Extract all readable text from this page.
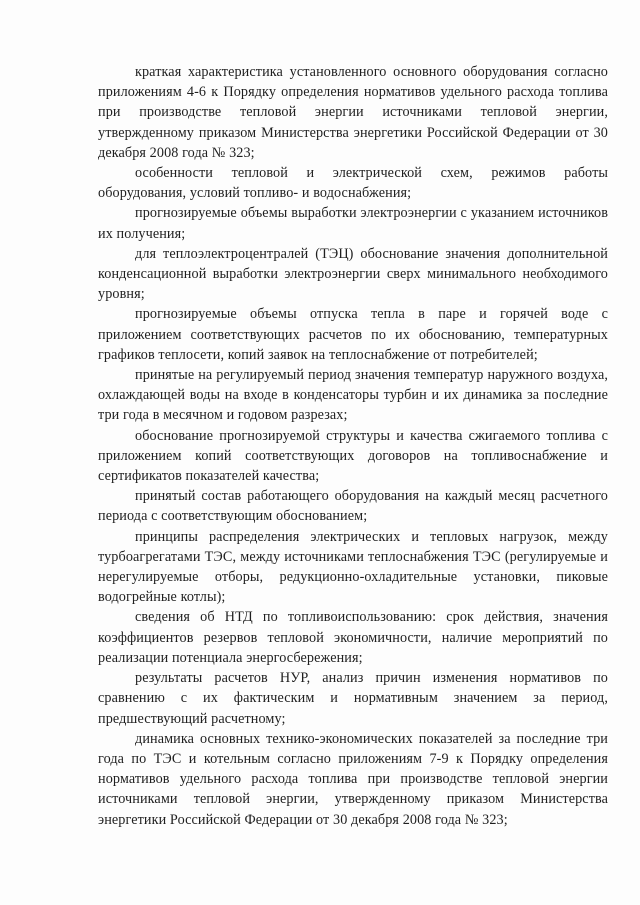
краткая характеристика установленного основного оборудования согласно приложениям 4-6 к Порядку определения нормативов удельного расхода топлива при производстве тепловой энергии источниками тепловой энергии, утвержденному приказом Министерства энергетики Российской Федерации от 30 декабря 2008 года № 323;

особенности тепловой и электрической схем, режимов работы оборудования, условий топливо- и водоснабжения;

прогнозируемые объемы выработки электроэнергии с указанием источников их получения;

для теплоэлектроцентралей (ТЭЦ) обоснование значения дополнительной конденсационной выработки электроэнергии сверх минимального необходимого уровня;

прогнозируемые объемы отпуска тепла в паре и горячей воде с приложением соответствующих расчетов по их обоснованию, температурных графиков теплосети, копий заявок на теплоснабжение от потребителей;

принятые на регулируемый период значения температур наружного воздуха, охлаждающей воды на входе в конденсаторы турбин и их динамика за последние три года в месячном и годовом разрезах;

обоснование прогнозируемой структуры и качества сжигаемого топлива с приложением копий соответствующих договоров на топливоснабжение и сертификатов показателей качества;

принятый состав работающего оборудования на каждый месяц расчетного периода с соответствующим обоснованием;

принципы распределения электрических и тепловых нагрузок, между турбоагрегатами ТЭС, между источниками теплоснабжения ТЭС (регулируемые и нерегулируемые отборы, редукционно-охладительные установки, пиковые водогрейные котлы);

сведения об НТД по топливоиспользованию: срок действия, значения коэффициентов резервов тепловой экономичности, наличие мероприятий по реализации потенциала энергосбережения;

результаты расчетов НУР, анализ причин изменения нормативов по сравнению с их фактическим и нормативным значением за период, предшествующий расчетному;

динамика основных технико-экономических показателей за последние три года по ТЭС и котельным согласно приложениям 7-9 к Порядку определения нормативов удельного расхода топлива при производстве тепловой энергии источниками тепловой энергии, утвержденному приказом Министерства энергетики Российской Федерации от 30 декабря 2008 года № 323;
